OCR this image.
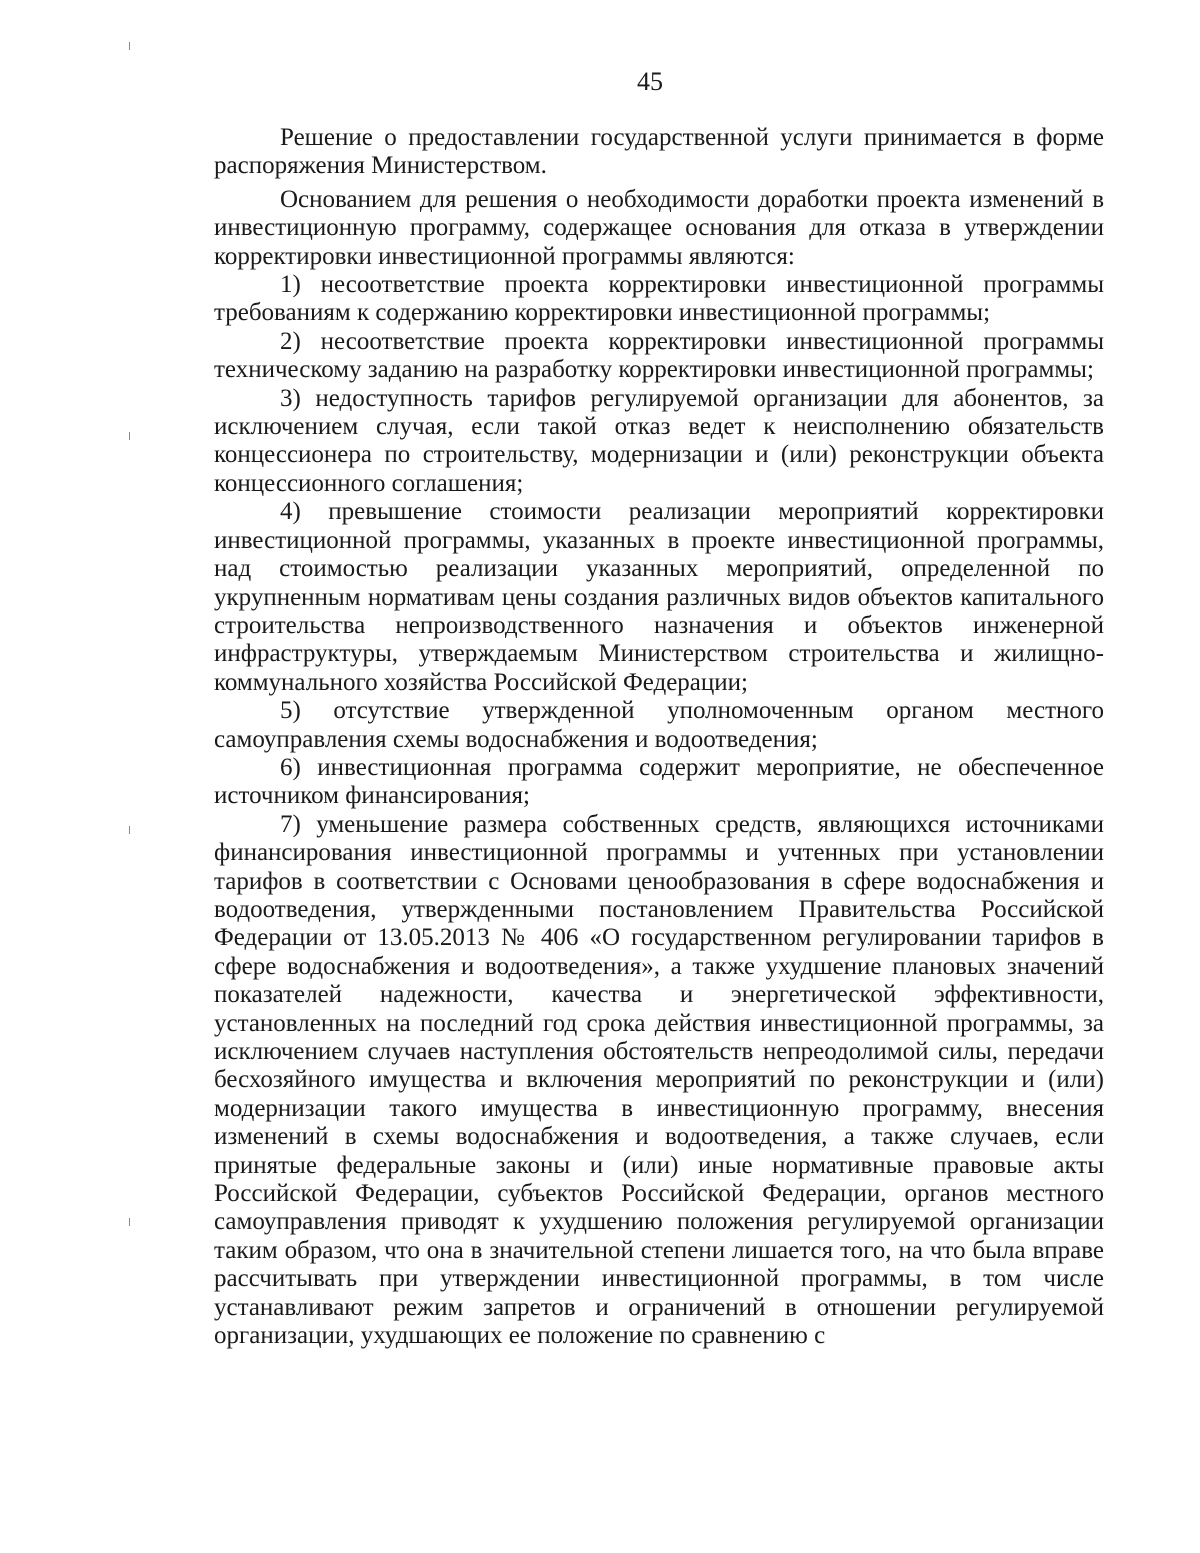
45

Решение о предоставлении государственной услуги принимается в форме распоряжения Министерством.

Основанием для решения о необходимости доработки проекта изменений в инвестиционную программу, содержащее основания для отказа в утверждении корректировки инвестиционной программы являются:

1) несоответствие проекта корректировки инвестиционной программы требованиям к содержанию корректировки инвестиционной программы;

2) несоответствие проекта корректировки инвестиционной программы техническому заданию на разработку корректировки инвестиционной программы;

3) недоступность тарифов регулируемой организации для абонентов, за исключением случая, если такой отказ ведет к неисполнению обязательств концессионера по строительству, модернизации и (или) реконструкции объекта концессионного соглашения;

4) превышение стоимости реализации мероприятий корректировки инвестиционной программы, указанных в проекте инвестиционной программы, над стоимостью реализации указанных мероприятий, определенной по укрупненным нормативам цены создания различных видов объектов капитального строительства непроизводственного назначения и объектов инженерной инфраструктуры, утверждаемым Министерством строительства и жилищно-коммунального хозяйства Российской Федерации;

5) отсутствие утвержденной уполномоченным органом местного самоуправления схемы водоснабжения и водоотведения;

6) инвестиционная программа содержит мероприятие, не обеспеченное источником финансирования;

7) уменьшение размера собственных средств, являющихся источниками финансирования инвестиционной программы и учтенных при установлении тарифов в соответствии с Основами ценообразования в сфере водоснабжения и водоотведения, утвержденными постановлением Правительства Российской Федерации от 13.05.2013 № 406 «О государственном регулировании тарифов в сфере водоснабжения и водоотведения», а также ухудшение плановых значений показателей надежности, качества и энергетической эффективности, установленных на последний год срока действия инвестиционной программы, за исключением случаев наступления обстоятельств непреодолимой силы, передачи бесхозяйного имущества и включения мероприятий по реконструкции и (или) модернизации такого имущества в инвестиционную программу, внесения изменений в схемы водоснабжения и водоотведения, а также случаев, если принятые федеральные законы и (или) иные нормативные правовые акты Российской Федерации, субъектов Российской Федерации, органов местного самоуправления приводят к ухудшению положения регулируемой организации таким образом, что она в значительной степени лишается того, на что была вправе рассчитывать при утверждении инвестиционной программы, в том числе устанавливают режим запретов и ограничений в отношении регулируемой организации, ухудшающих ее положение по сравнению с
